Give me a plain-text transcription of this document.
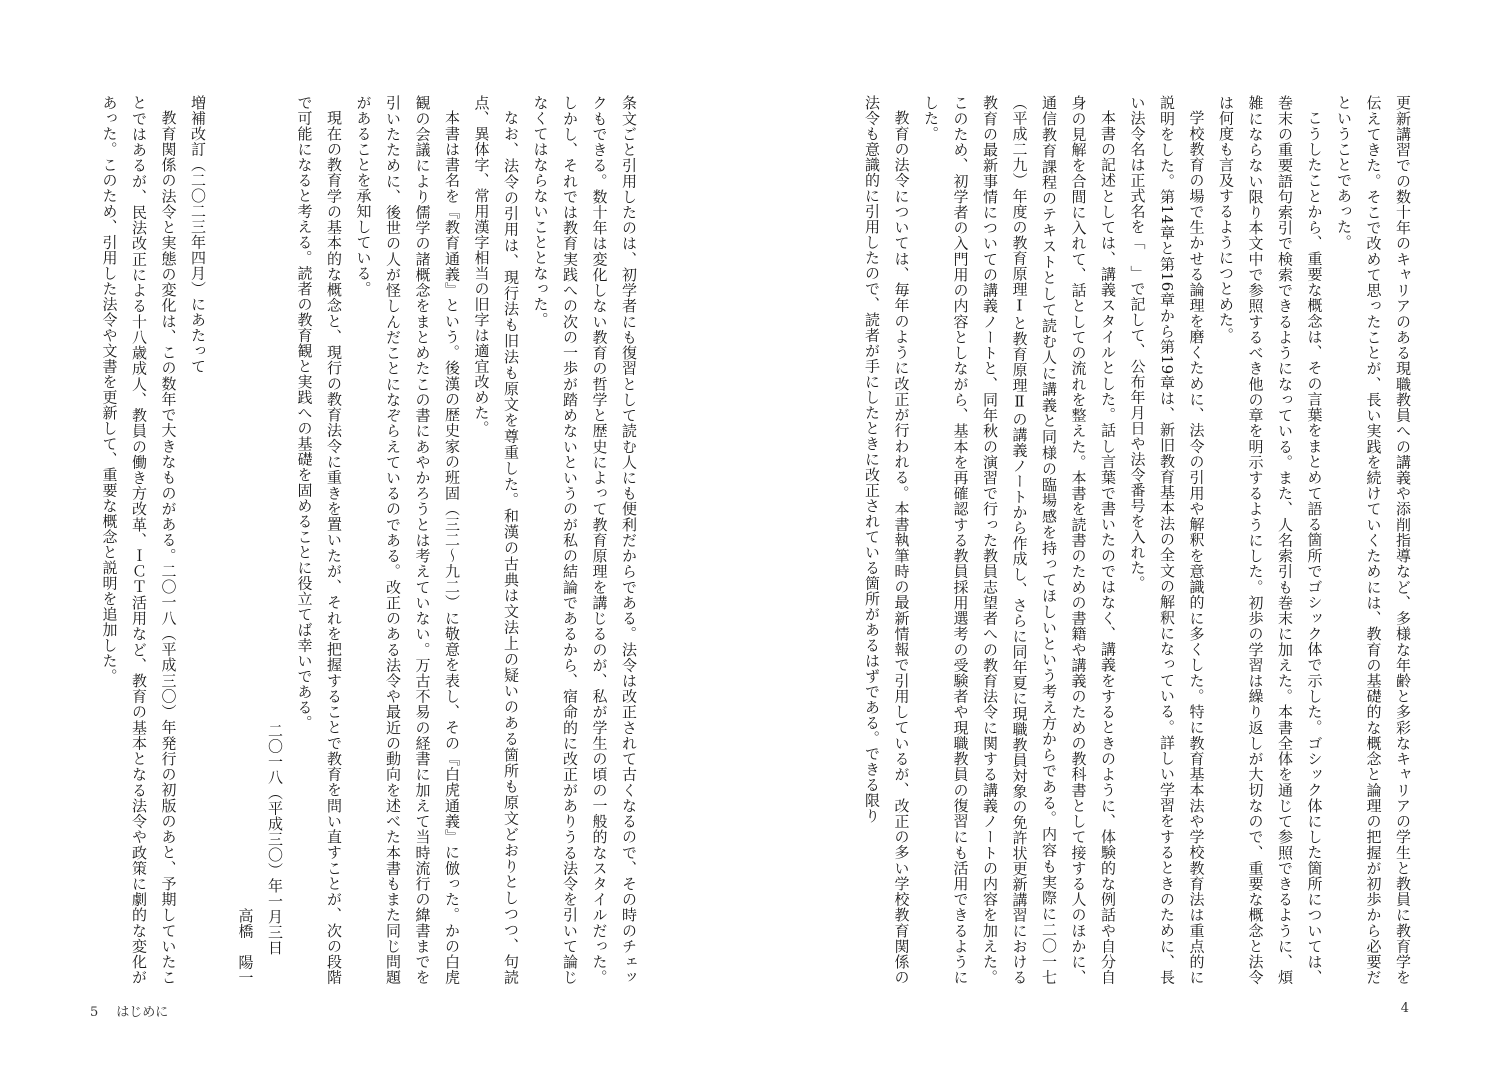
更新講習での数十年のキャリアのある現職教員への講義や添削指導など、多様な年齢と多彩なキャリアの学生と教員に教育学を伝えてきた。そこで改めて思ったことが、長い実践を続けていくためには、教育の基礎的な概念と論理の把握が初歩から必要だということであった。

こうしたことから、重要な概念は、その言葉をまとめて語る箇所でゴシック体で示した。ゴシック体にした箇所については、巻末の重要語句索引で検索できるようになっている。また、人名索引も巻末に加えた。本書全体を通じて参照できるように、煩雑にならない限り本文中で参照するべき他の章を明示するようにした。初歩の学習は繰り返しが大切なので、重要な概念と法令は何度も言及するようにつとめた。

学校教育の場で生かせる論理を磨くために、法令の引用や解釈を意識的に多くした。特に教育基本法や学校教育法は重点的に説明をした。第14章と第16章から第19章は、新旧教育基本法の全文の解釈になっている。詳しい学習をするときのために、長い法令名は正式名を「　」で記して、公布年月日や法令番号を入れた。

本書の記述としては、講義スタイルとした。話し言葉で書いたのではなく、講義をするときのように、体験的な例話や自分自身の見解を合間に入れて、話としての流れを整えた。本書を読書のための書籍や講義のための教科書として接する人のほかに、通信教育課程のテキストとして読む人に講義と同様の臨場感を持ってほしいという考え方からである。内容も実際に二〇一七（平成二九）年度の教育原理Ⅰと教育原理Ⅱの講義ノートから作成し、さらに同年夏に現職教員対象の免許状更新講習における教育の最新事情についての講義ノートと、同年秋の演習で行った教員志望者への教育法令に関する講義ノートの内容を加えた。このため、初学者の入門用の内容としながら、基本を再確認する教員採用選考の受験者や現職教員の復習にも活用できるようにした。

教育の法令については、毎年のように改正が行われる。本書執筆時の最新情報で引用しているが、改正の多い学校教育関係の法令も意識的に引用したので、読者が手にしたときに改正されている箇所があるはずである。できる限り

4

条文ごと引用したのは、初学者にも復習として読む人にも便利だからである。法令は改正されて古くなるので、その時のチェックもできる。数十年は変化しない教育の哲学と歴史によって教育原理を講じるのが、私が学生の頃の一般的なスタイルだった。しかし、それでは教育実践への次の一歩が踏めないというのが私の結論であるから、宿命的に改正がありうる法令を引いて論じなくてはならないこととなった。

なお、法令の引用は、現行法も旧法も原文を尊重した。和漢の古典は文法上の疑いのある箇所も原文どおりとしつつ、句読点、異体字、常用漢字相当の旧字は適宜改めた。

本書は書名を『教育通義』という。後漢の歴史家の班固（三二〜九二）に敬意を表し、その『白虎通義』に倣った。かの白虎観の会議により儒学の諸概念をまとめたこの書にあやかろうとは考えていない。万古不易の経書に加えて当時流行の緯書までを引いたために、後世の人が怪しんだことになぞらえているのである。改正のある法令や最近の動向を述べた本書もまた同じ問題があることを承知している。

現在の教育学の基本的な概念と、現行の教育法令に重きを置いたが、それを把握することで教育を問い直すことが、次の段階で可能になると考える。読者の教育観と実践への基礎を固めることに役立てば幸いである。

二〇一八（平成三〇）年一月三日

高橋　陽一

増補改訂（二〇二三年四月）にあたって

教育関係の法令と実態の変化は、この数年で大きなものがある。二〇一八（平成三〇）年発行の初版のあと、予期していたことではあるが、民法改正による十八歳成人、教員の働き方改革、ＩＣＴ活用など、教育の基本となる法令や政策に劇的な変化があった。このため、引用した法令や文書を更新して、重要な概念と説明を追加した。

5 はじめに
